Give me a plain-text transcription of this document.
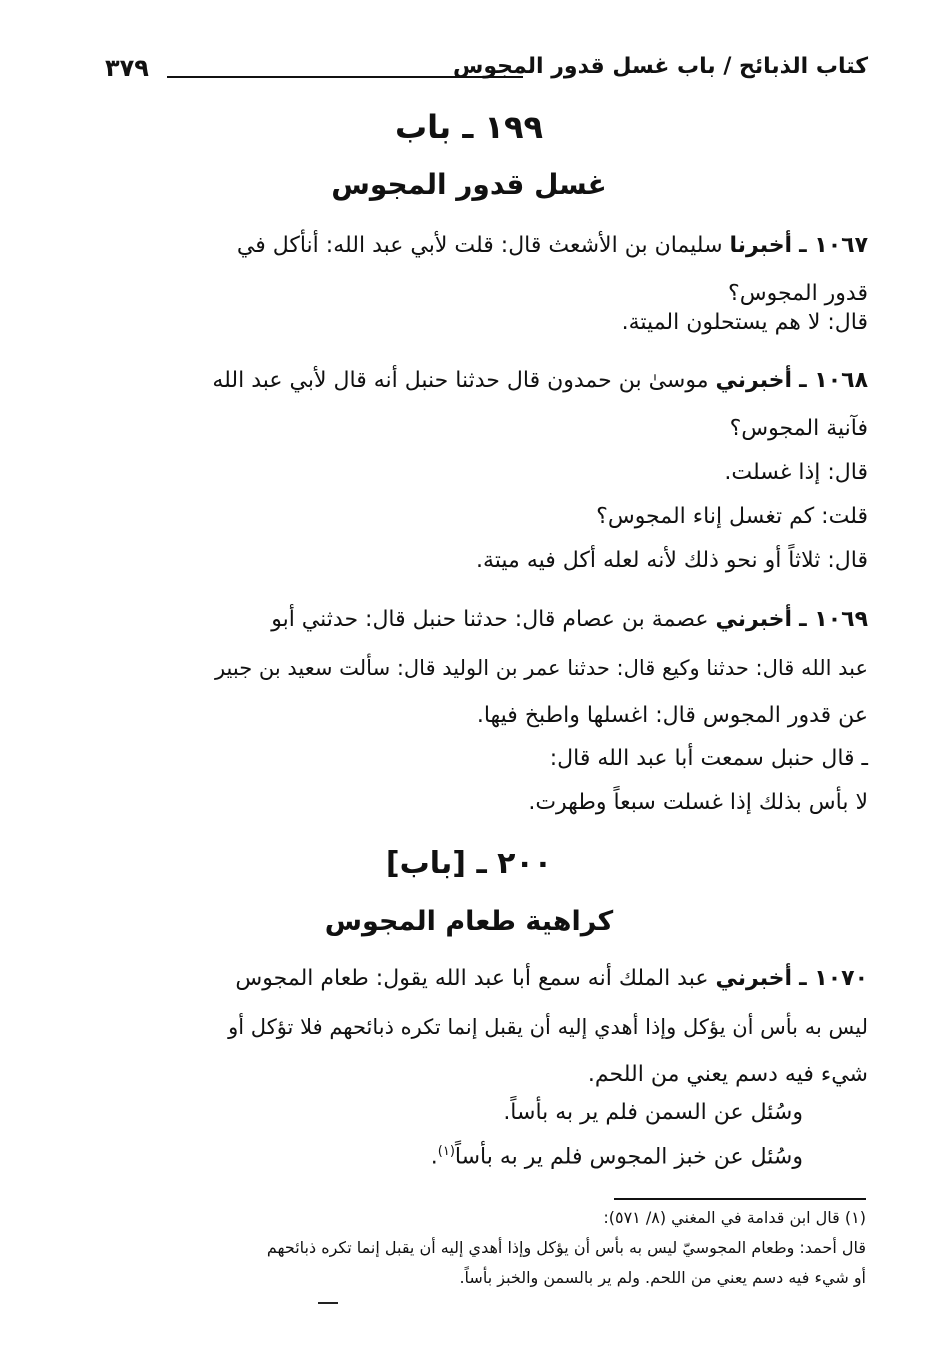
كتاب الذبائح / باب غسل قدور المجوس
٣٧٩
١٩٩ ـ باب
غسل قدور المجوس
١٠٦٧ ـ أخبرنا سليمان بن الأشعث قال: قلت لأبي عبد الله: أنأكل في
قدور المجوس؟
قال: لا هم يستحلون الميتة.
١٠٦٨ ـ أخبرني موسىٰ بن حمدون قال حدثنا حنبل أنه قال لأبي عبد الله
فآنية المجوس؟
قال: إذا غسلت.
قلت: كم تغسل إناء المجوس؟
قال: ثلاثاً أو نحو ذلك لأنه لعله أكل فيه ميتة.
١٠٦٩ ـ أخبرني عصمة بن عصام قال: حدثنا حنبل قال: حدثني أبو
عبد الله قال: حدثنا وكيع قال: حدثنا عمر بن الوليد قال: سألت سعيد بن جبير
عن قدور المجوس قال: اغسلها واطبخ فيها.
ـ قال حنبل سمعت أبا عبد الله قال:
لا بأس بذلك إذا غسلت سبعاً وطهرت.
٢٠٠ ـ [باب]
كراهية طعام المجوس
١٠٧٠ ـ أخبرني عبد الملك أنه سمع أبا عبد الله يقول: طعام المجوس
ليس به بأس أن يؤكل وإذا أهدي إليه أن يقبل إنما تكره ذبائحهم فلا تؤكل أو
شيء فيه دسم يعني من اللحم.
وسُئل عن السمن فلم ير به بأساً.
وسُئل عن خبز المجوس فلم ير به بأساً$^{(١)}$.
(١) قال ابن قدامة في المغني (٨/ ٥٧١):
قال أحمد: وطعام المجوسيّ ليس به بأس أن يؤكل وإذا أهدي إليه أن يقبل إنما تكره ذبائحهم
أو شيء فيه دسم يعني من اللحم. ولم ير بالسمن والخبز بأساً.
